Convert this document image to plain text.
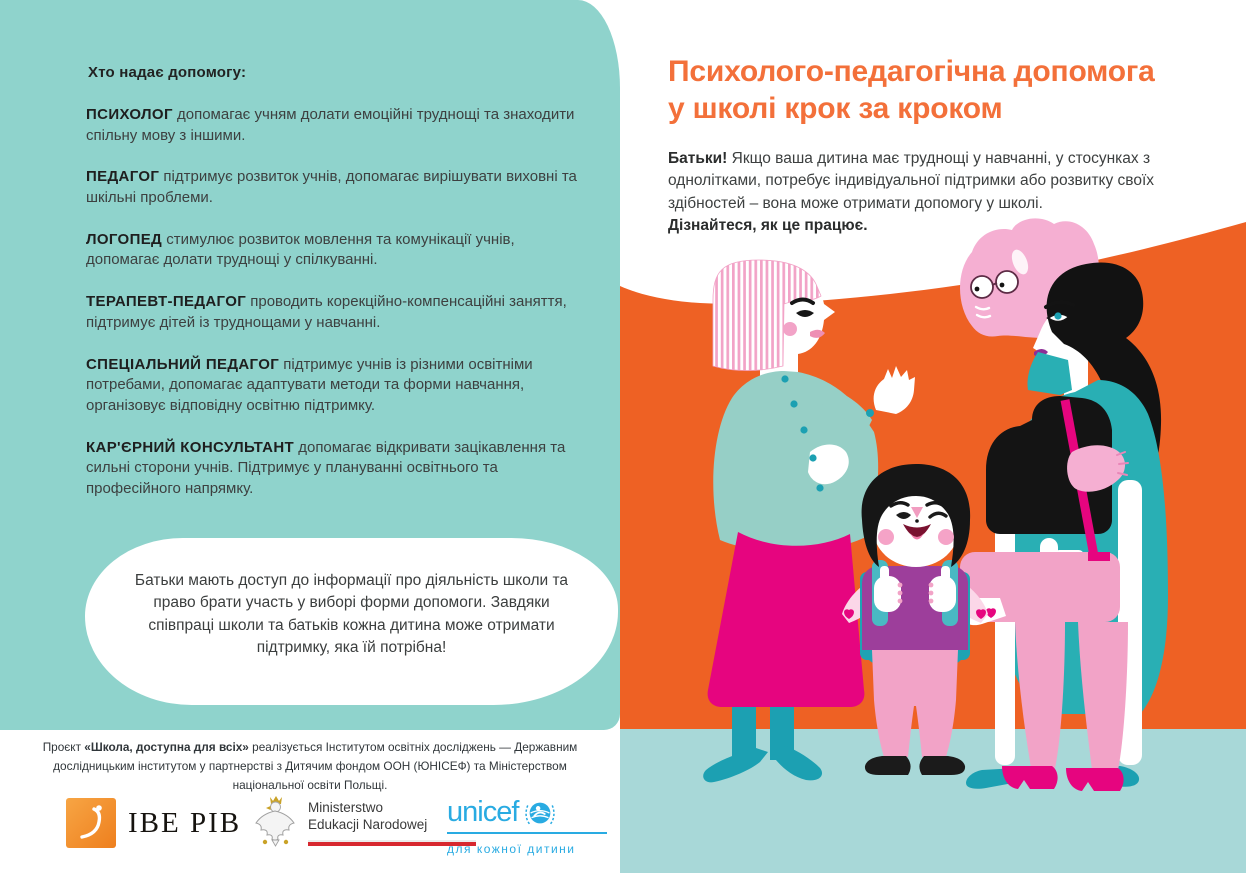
Хто надає допомогу:

ПСИХОЛОГ допомагає учням долати емоційні труднощі та знаходити спільну мову з іншими.

ПЕДАГОГ підтримує розвиток учнів, допомагає вирішувати виховні та шкільні проблеми.

ЛОГОПЕД стимулює розвиток мовлення та комунікації учнів, допомагає долати труднощі у спілкуванні.

ТЕРАПЕВТ-ПЕДАГОГ проводить корекційно-компенсаційні заняття, підтримує дітей із труднощами у навчанні.

СПЕЦІАЛЬНИЙ ПЕДАГОГ підтримує учнів із різними освітніми потребами, допомагає адаптувати методи та форми навчання, організовує відповідну освітню підтримку.

КАР'ЄРНИЙ КОНСУЛЬТАНТ допомагає відкривати зацікавлення та сильні сторони учнів. Підтримує у плануванні освітнього та професійного напрямку.

Батьки мають доступ до інформації про діяльність школи та право брати участь у виборі форми допомоги. Завдяки співпраці школи та батьків кожна дитина може отримати підтримку, яка їй потрібна!

Психолого-педагогічна допомога
у школі крок за кроком

Батьки! Якщо ваша дитина має труднощі у навчанні, у стосунках з однолітками, потребує індивідуальної підтримки або розвитку своїх здібностей – вона може отримати допомогу у школі.
Дізнайтеся, як це працює.

Проєкт «Школа, доступна для всіх» реалізується Інститутом освітніх досліджень — Державним дослідницьким інститутом у партнерстві з Дитячим фондом ООН (ЮНІСЕФ) та Міністерством національної освіти Польщі.

IBE PIB	Ministerstwo
Edukacji Narodowej unicef
для кожної дитини
